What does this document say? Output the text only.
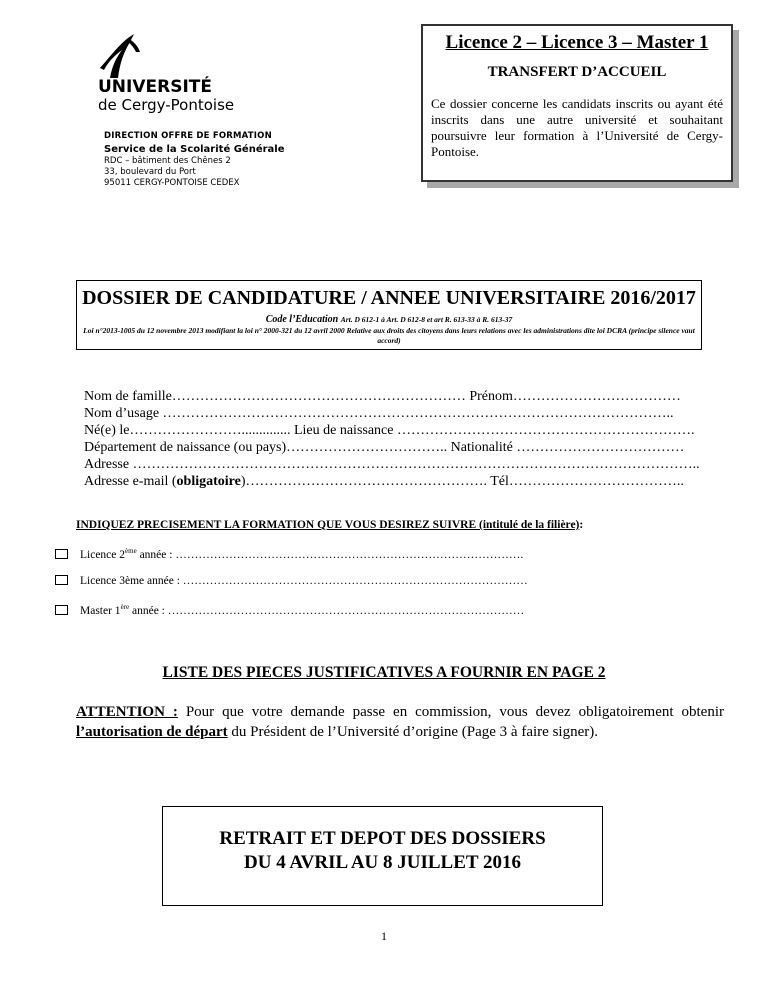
UNIVERSITÉ
de Cergy-Pontoise
DIRECTION OFFRE DE FORMATION
Service de la Scolarité Générale
RDC – bâtiment des Chênes 2
33, boulevard du Port
95011 CERGY-PONTOISE CEDEX
Licence 2 – Licence 3 – Master 1
TRANSFERT D’ACCUEIL
Ce dossier concerne les candidats inscrits ou ayant été inscrits dans une autre université et souhaitant poursuivre leur formation à l’Université de Cergy-Pontoise.
DOSSIER DE CANDIDATURE / ANNEE UNIVERSITAIRE 2016/2017
Code l’Education Art. D 612-1 à Art. D 612-8 et art R. 613-33 à R. 613-37
Loi n°2013-1005 du 12 novembre 2013 modifiant la loi n° 2000-321 du 12 avril 2000 Relative aux droits des citoyens dans leurs relations avec les administrations dite loi DCRA (principe silence vaut accord)
Nom de famille……………………………………………………… Prénom………………………………
Nom d’usage ………………………………………………………………………………………………..
Né(e) le…………………….............. Lieu de naissance ……………………………………………………….
Département de naissance (ou pays)…………………………….. Nationalité ………………………………
Adresse …………………………………………………………………………………………………………..
Adresse e-mail (obligatoire)……………………………………………. Tél………………………………..
INDIQUEZ PRECISEMENT LA FORMATION QUE VOUS DESIREZ SUIVRE (intitulé de la filière):
Licence 2ème année : ……………………………………………………………………………….
Licence 3ème année : ………………………………………………………………………………
Master 1ère année : …………………………………………………………………………………
LISTE DES PIECES JUSTIFICATIVES A FOURNIR EN PAGE 2
ATTENTION : Pour que votre demande passe en commission, vous devez obligatoirement obtenir l’autorisation de départ du Président de l’Université d’origine (Page 3 à faire signer).
RETRAIT ET DEPOT DES DOSSIERS
DU 4 AVRIL AU 8 JUILLET 2016
1
